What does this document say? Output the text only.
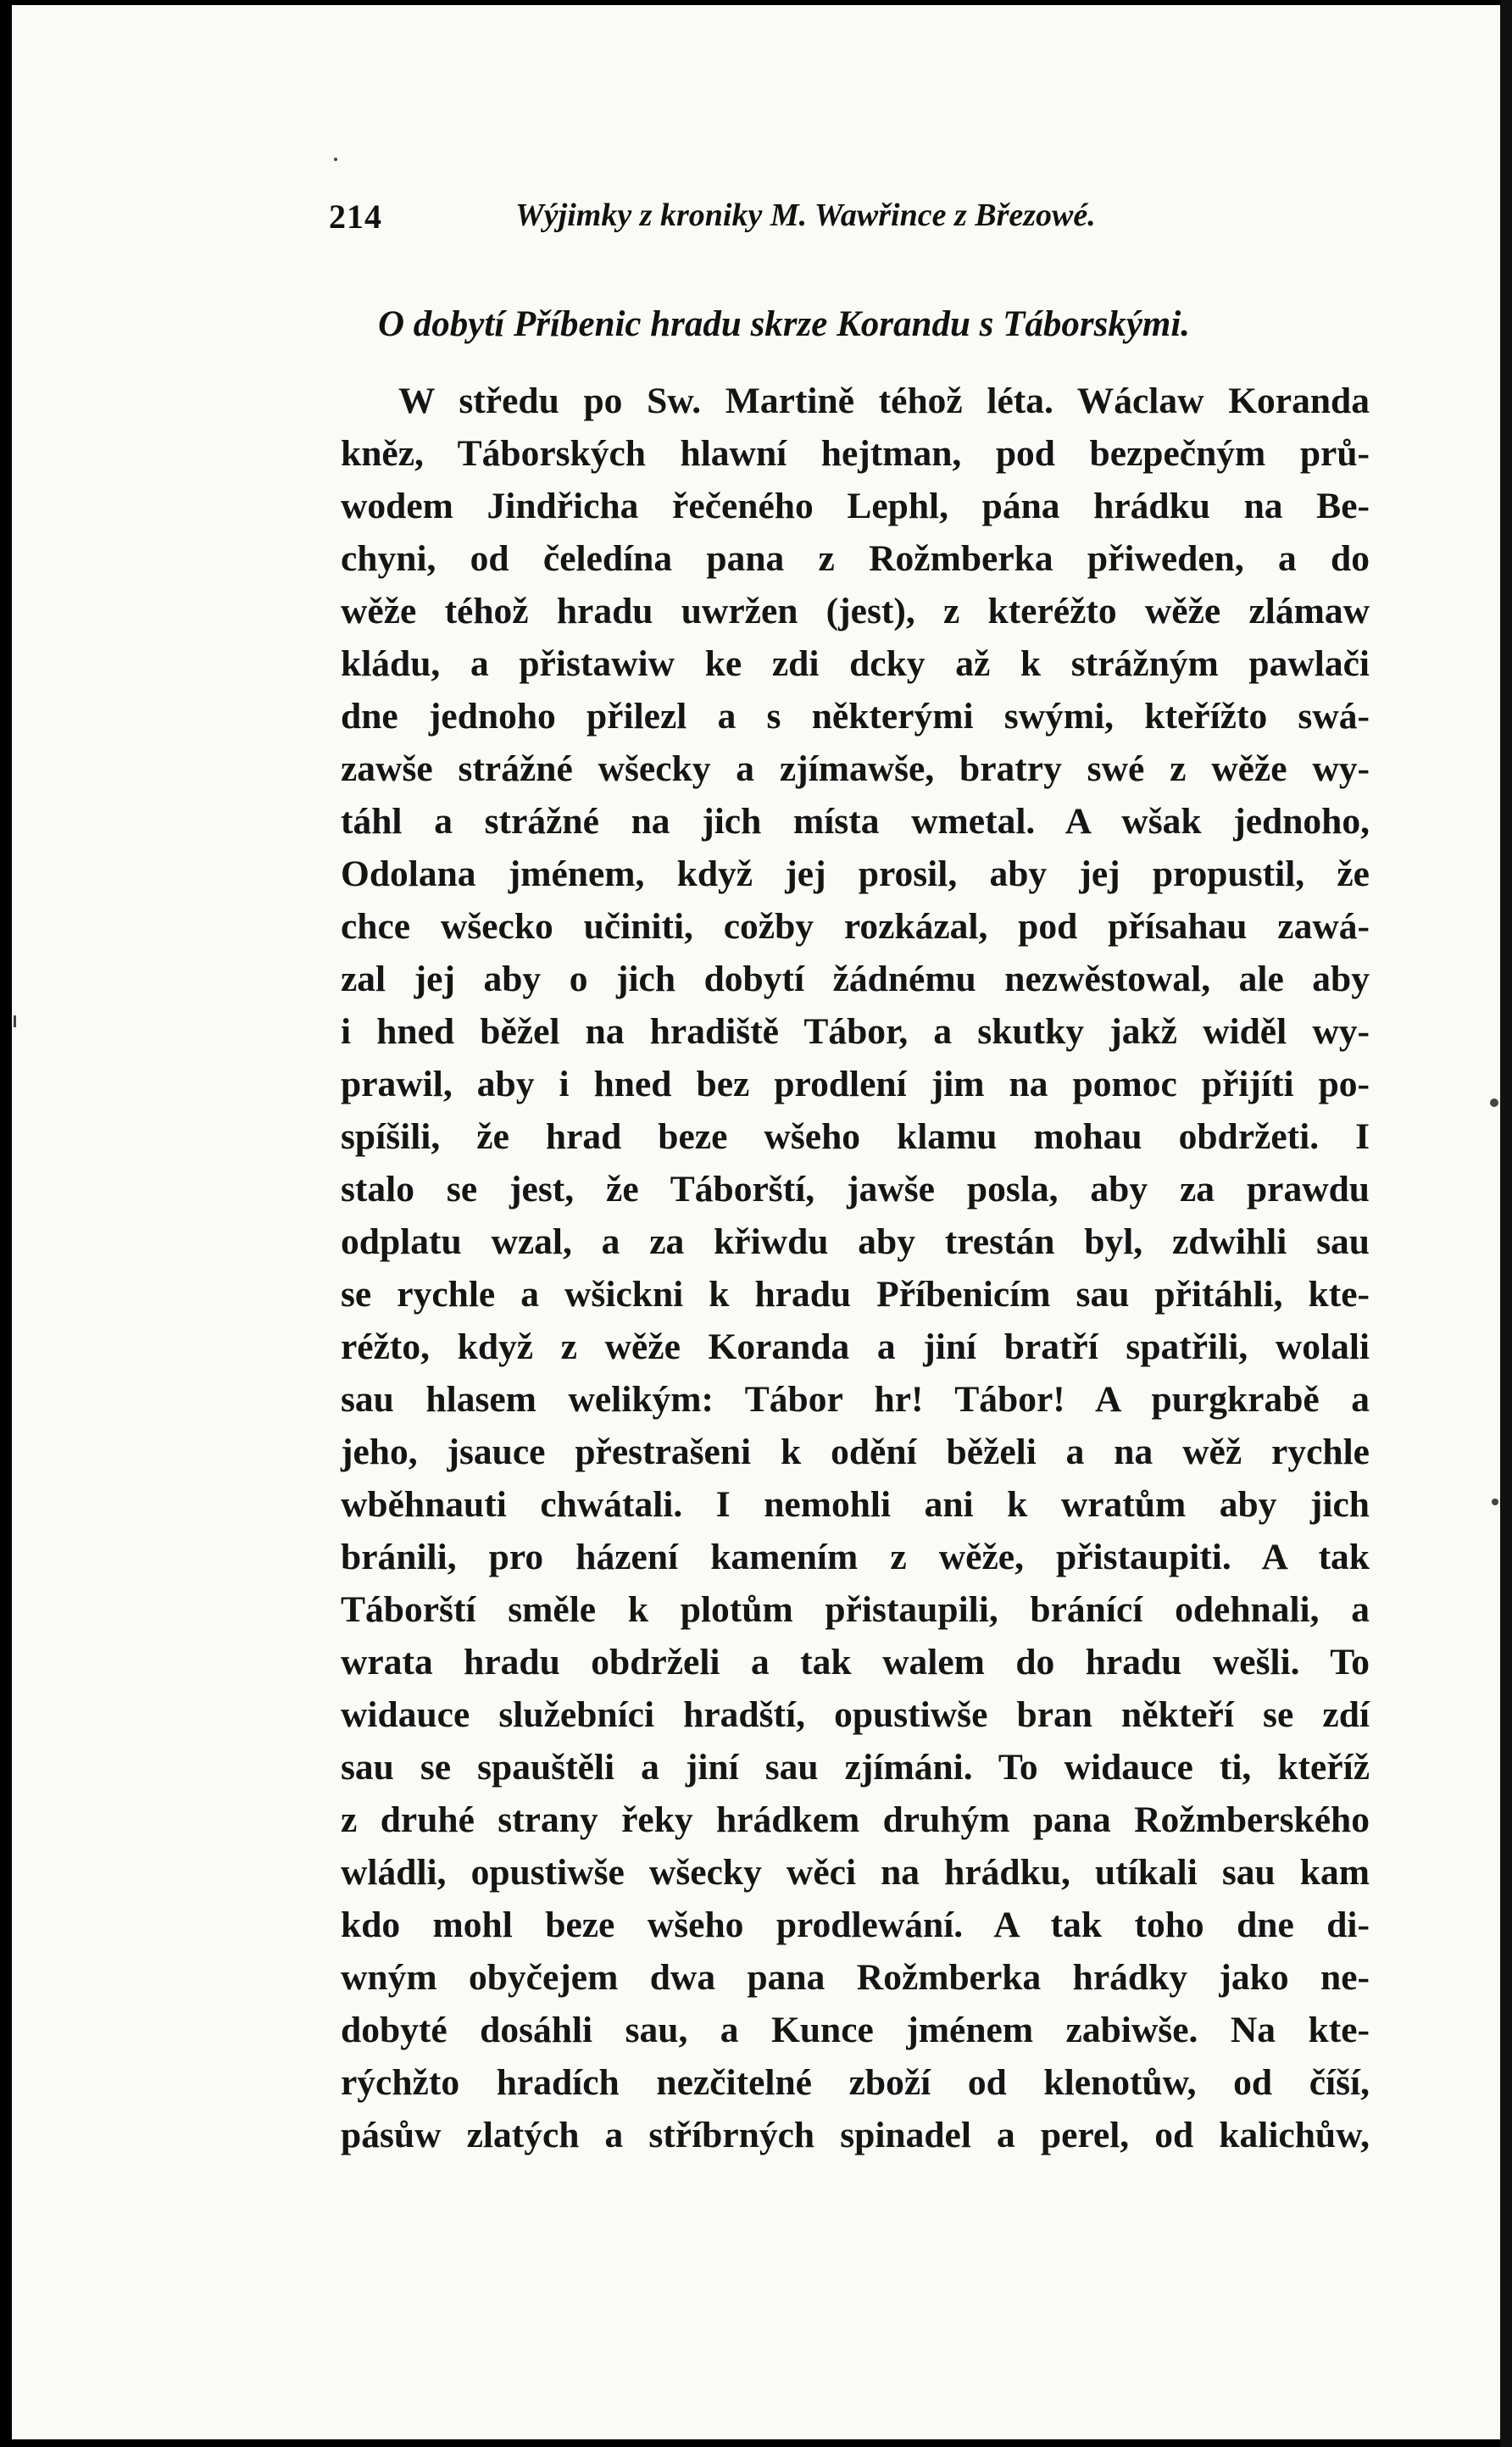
214	Wýjimky z kroniky M. Wawřince z Březowé.
O dobytí Příbenic hradu skrze Korandu s Táborskými.
W středu po Sw. Martině téhož léta. Wáclaw Koranda
kněz, Táborských hlawní hejtman, pod bezpečným prů-
wodem Jindřicha řečeného Lephl, pána hrádku na Be-
chyni, od čeledína pana z Rožmberka přiweden, a do
wěže téhož hradu uwržen (jest), z kteréžto wěže zlámaw
kládu, a přistawiw ke zdi dcky až k strážným pawlači
dne jednoho přilezl a s některými swými, kteřížto swá-
zawše strážné wšecky a zjímawše, bratry swé z wěže wy-
táhl a strážné na jich místa wmetal. A wšak jednoho,
Odolana jménem, když jej prosil, aby jej propustil, že
chce wšecko učiniti, cožby rozkázal, pod přísahau zawá-
zal jej aby o jich dobytí žádnému nezwěstowal, ale aby
i hned běžel na hradiště Tábor, a skutky jakž widěl wy-
prawil, aby i hned bez prodlení jim na pomoc přijíti po-
spíšili, že hrad beze wšeho klamu mohau obdržeti. I
stalo se jest, že Táborští, jawše posla, aby za prawdu
odplatu wzal, a za křiwdu aby trestán byl, zdwihli sau
se rychle a wšickni k hradu Příbenicím sau přitáhli, kte-
réžto, když z wěže Koranda a jiní bratří spatřili, wolali
sau hlasem welikým: Tábor hr! Tábor! A purgkrabě a
jeho, jsauce přestrašeni k odění běželi a na wěž rychle
wběhnauti chwátali. I nemohli ani k wratům aby jich
bránili, pro házení kamením z wěže, přistaupiti. A tak
Táborští směle k plotům přistaupili, bránící odehnali, a
wrata hradu obdrželi a tak walem do hradu wešli. To
widauce služebníci hradští, opustiwše bran někteří se zdí
sau se spauštěli a jiní sau zjímáni. To widauce ti, kteříž
z druhé strany řeky hrádkem druhým pana Rožmberského
wládli, opustiwše wšecky wěci na hrádku, utíkali sau kam
kdo mohl beze wšeho prodlewání. A tak toho dne di-
wným obyčejem dwa pana Rožmberka hrádky jako ne-
dobyté dosáhli sau, a Kunce jménem zabiwše. Na kte-
rýchžto hradích nezčitelné zboží od klenotůw, od číší,
pásůw zlatých a stříbrných spinadel a perel, od kalichůw,
